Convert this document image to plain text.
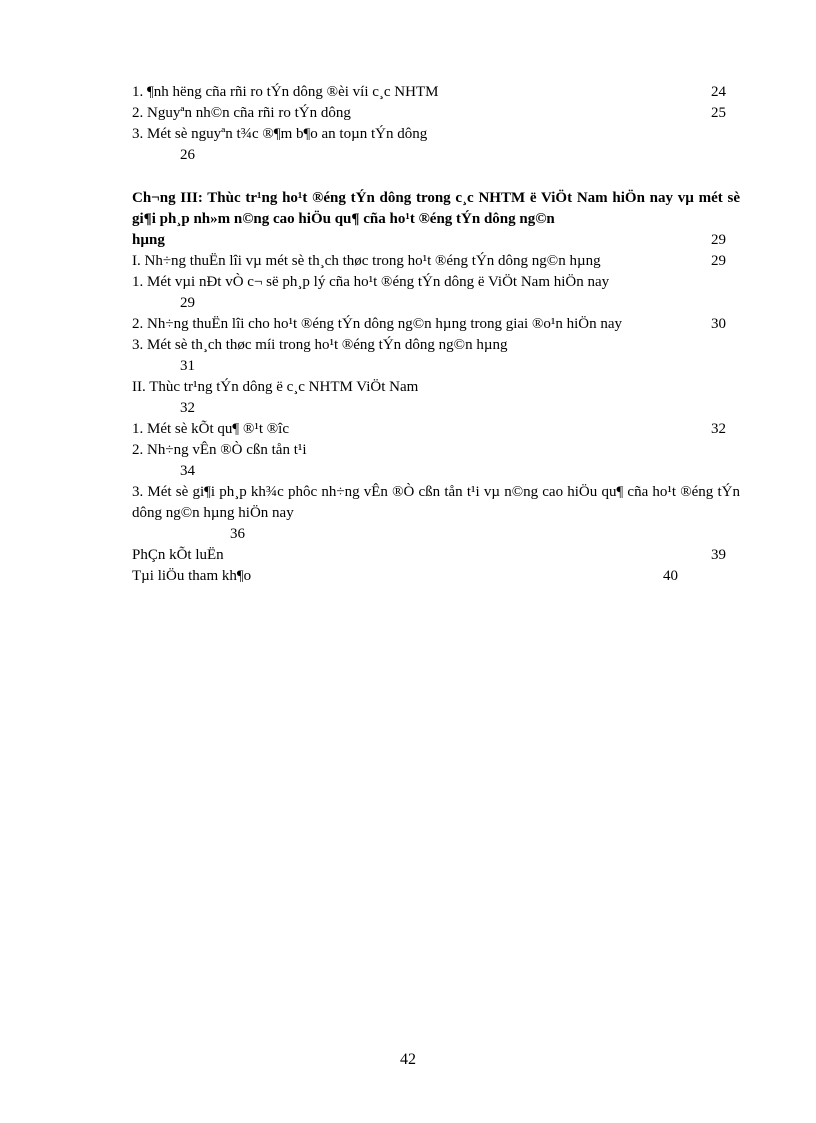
1. ¶nh hëng cña rñi ro tÝn dông ®èi víi c¸c NHTM	24
2. Nguyªn nh©n cña rñi ro tÝn dông	25
3. Mét sè nguyªn t¾c ®¶m b¶o an toµn tÝn dông
26
Ch¬ng III: Thùc tr¹ng ho¹t ®éng tÝn dông trong c¸c NHTM ë ViÖt Nam hiÖn nay vµ mét sè gi¶i ph¸p nh»m n©ng cao hiÖu qu¶ cña ho¹t ®éng tÝn dông ng©n
hµng	29
I. Nh÷ng thuËn lîi vµ mét sè th¸ch thøc trong ho¹t ®éng tÝn dông ng©n hµng	29
1. Mét vµi nÐt vÒ c¬ së ph¸p lý cña ho¹t ®éng tÝn dông ë ViÖt Nam hiÖn nay
29
2. Nh÷ng thuËn lîi cho ho¹t ®éng tÝn dông ng©n hµng trong giai ®o¹n hiÖn nay	30
3. Mét sè th¸ch thøc míi trong ho¹t ®éng tÝn dông ng©n hµng
31
II. Thùc tr¹ng tÝn dông ë c¸c NHTM ViÖt Nam
32
1. Mét sè kÕt qu¶ ®¹t ®îc	32
2. Nh÷ng vÊn ®Ò cßn tån t¹i
34
3. Mét sè gi¶i ph¸p kh¾c phôc nh÷ng vÊn ®Ò cßn tån t¹i vµ n©ng cao hiÖu qu¶ cña ho¹t ®éng tÝn dông ng©n hµng hiÖn nay
36
PhÇn kÕt luËn	39
Tµi liÖu tham kh¶o	40
42
